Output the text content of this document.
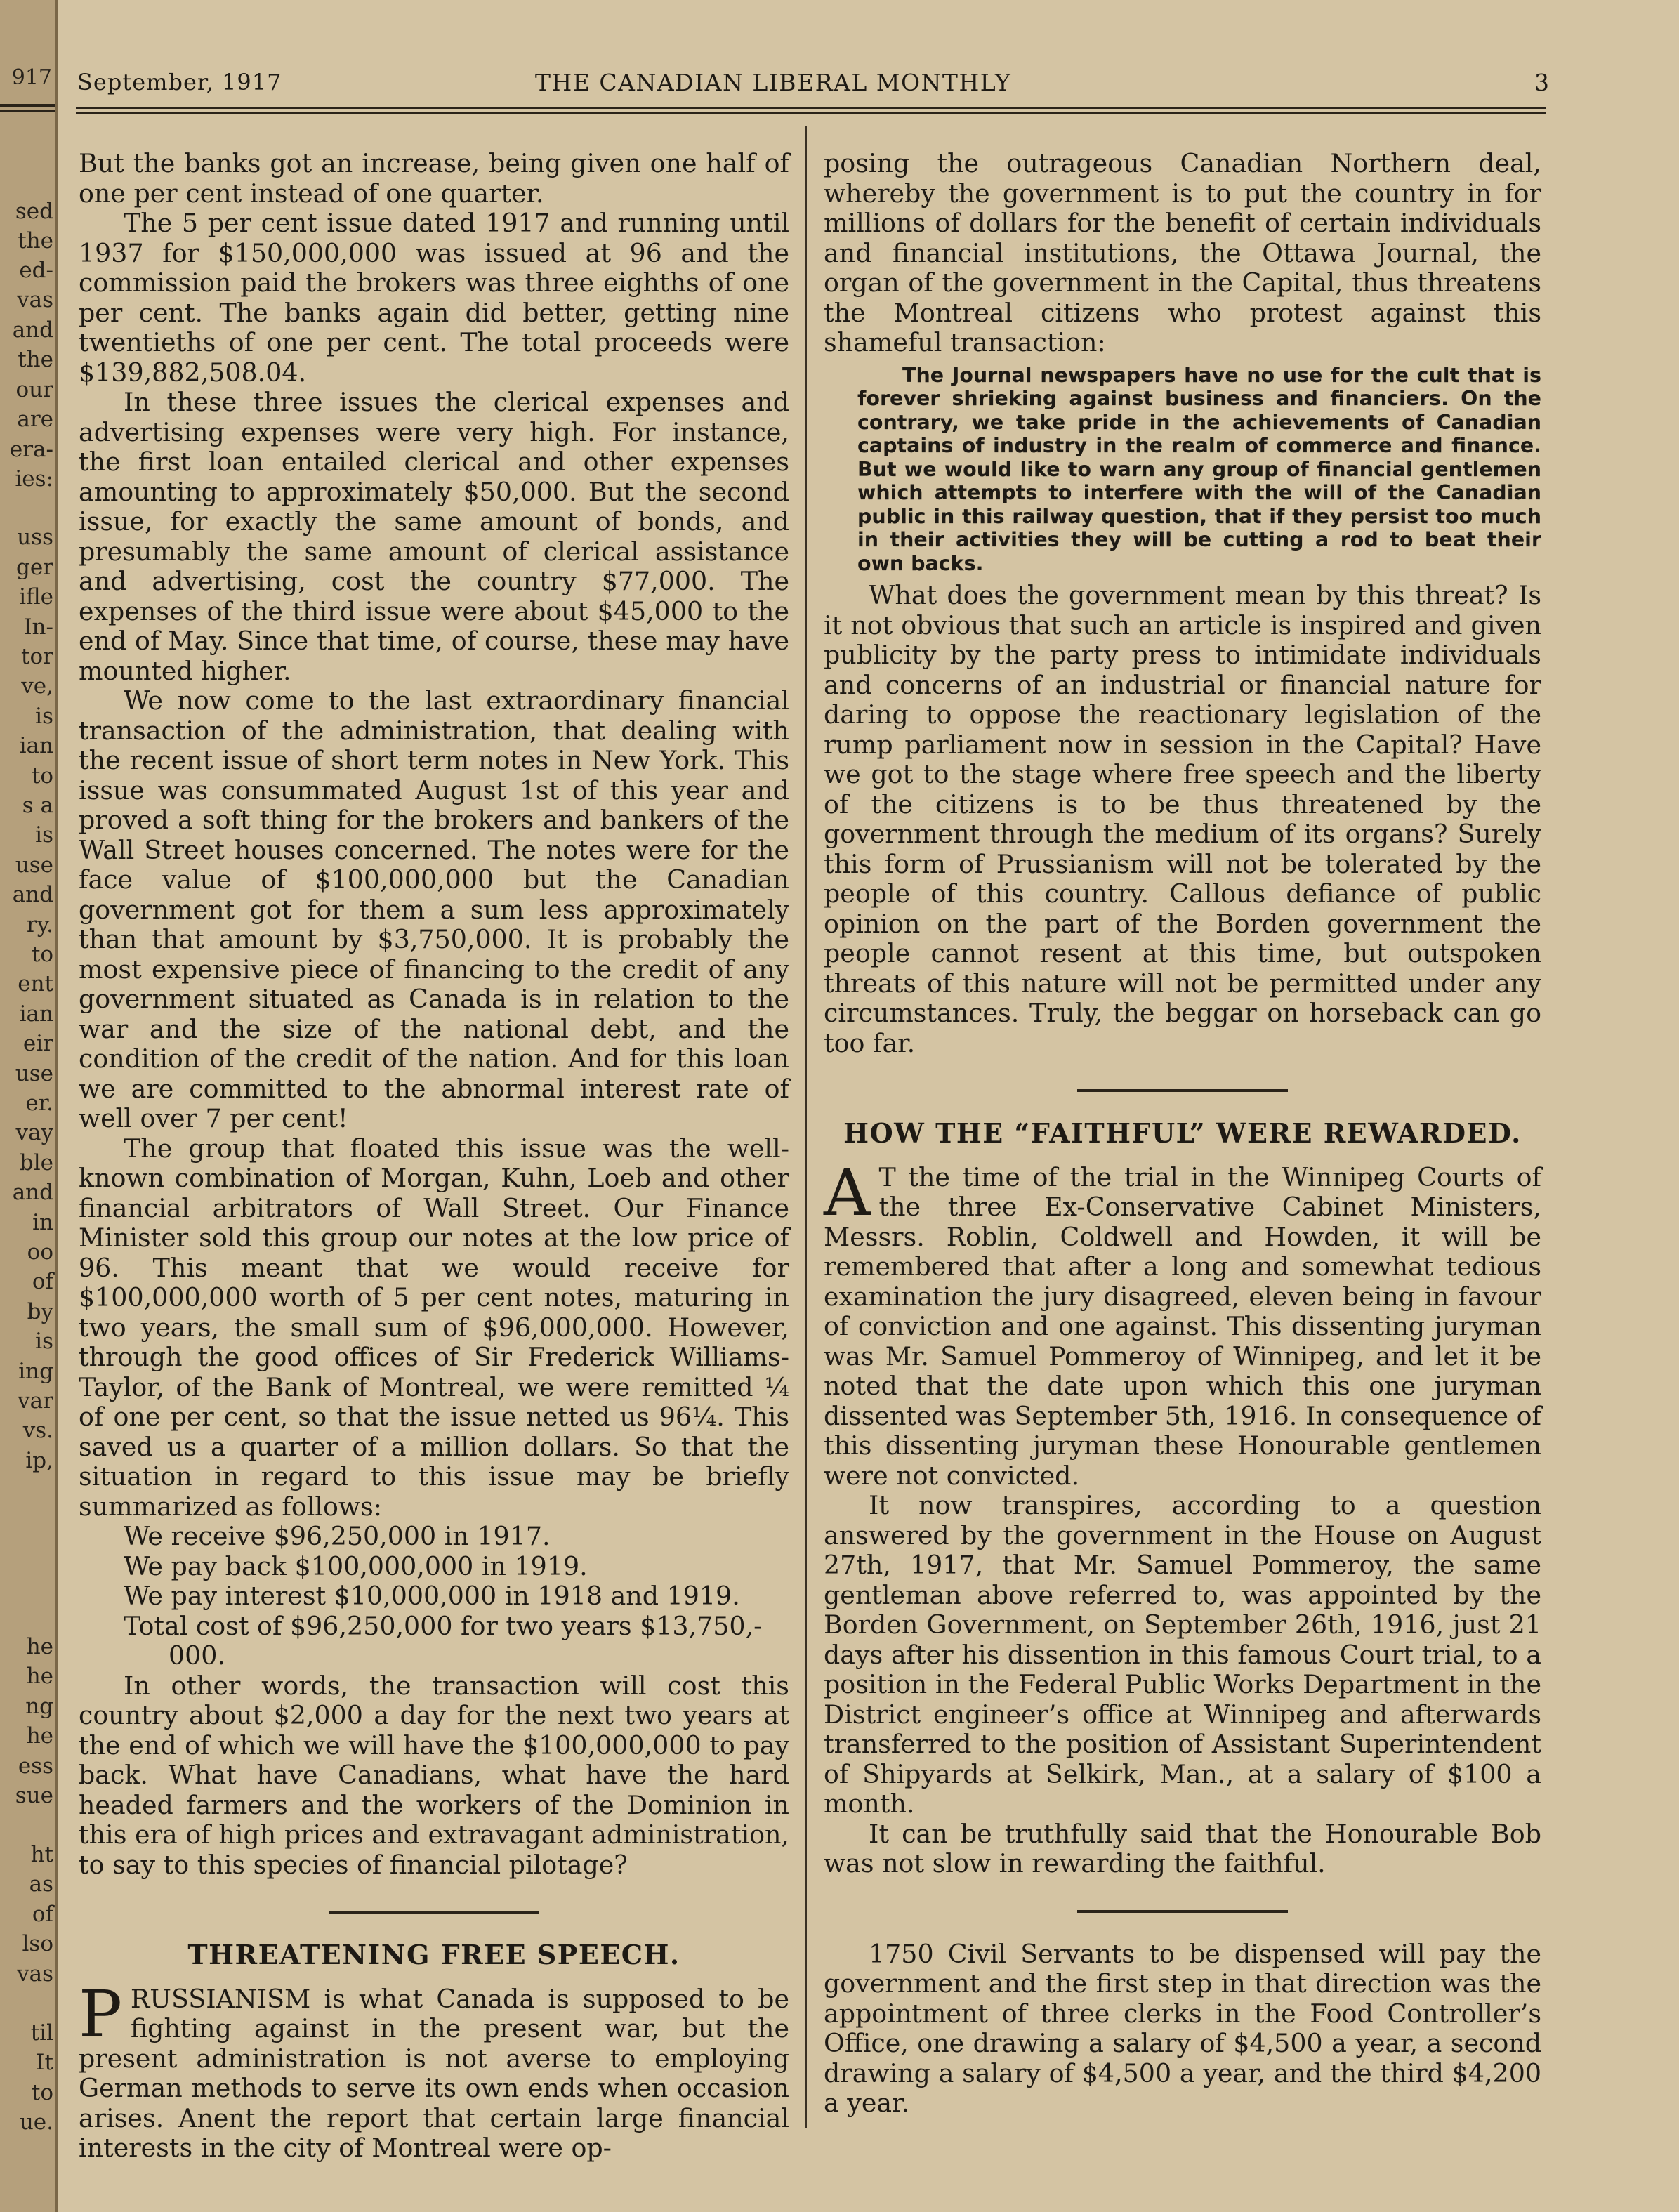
917
sed
the
ed-
vas
and
the
our
are
era-
ies:
uss
ger
ifle
In-
tor
ve,
is
ian
to
s a
is
use
and
ry.
to
ent
ian
eir
use
er.
vay
ble
and
in
oo
of
by
is
ing
var
vs.
ip,
he
he
ng
he
ess
sue
ht
as
of
lso
vas
til
It
to
ue.
September, 1917	THE CANADIAN LIBERAL MONTHLY	3

But the banks got an increase, being given one half of one per cent instead of one quarter.

The 5 per cent issue dated 1917 and running until 1937 for $150,000,000 was issued at 96 and the commission paid the brokers was three eighths of one per cent. The banks again did better, getting nine twentieths of one per cent. The total proceeds were $139,882,508.04.

In these three issues the clerical expenses and advertising expenses were very high. For instance, the first loan entailed clerical and other expenses amounting to approximately $50,000. But the second issue, for exactly the same amount of bonds, and presumably the same amount of clerical assistance and advertising, cost the country $77,000. The expenses of the third issue were about $45,000 to the end of May. Since that time, of course, these may have mounted higher.

We now come to the last extraordinary financial transaction of the administration, that dealing with the recent issue of short term notes in New York. This issue was consummated August 1st of this year and proved a soft thing for the brokers and bankers of the Wall Street houses concerned. The notes were for the face value of $100,000,000 but the Canadian government got for them a sum less approximately than that amount by $3,750,000. It is probably the most expensive piece of financing to the credit of any government situated as Canada is in relation to the war and the size of the national debt, and the condition of the credit of the nation. And for this loan we are committed to the abnormal interest rate of well over 7 per cent!

The group that floated this issue was the well-known combination of Morgan, Kuhn, Loeb and other financial arbitrators of Wall Street. Our Finance Minister sold this group our notes at the low price of 96. This meant that we would receive for $100,000,000 worth of 5 per cent notes, maturing in two years, the small sum of $96,000,000. However, through the good offices of Sir Frederick Williams-Taylor, of the Bank of Montreal, we were remitted ¼ of one per cent, so that the issue netted us 96¼. This saved us a quarter of a million dollars. So that the situation in regard to this issue may be briefly summarized as follows:

We receive $96,250,000 in 1917.
We pay back $100,000,000 in 1919.
We pay interest $10,000,000 in 1918 and 1919.
Total cost of $96,250,000 for two years $13,750,-
000.

In other words, the transaction will cost this country about $2,000 a day for the next two years at the end of which we will have the $100,000,000 to pay back. What have Canadians, what have the hard headed farmers and the workers of the Dominion in this era of high prices and extravagant administration, to say to this species of financial pilotage?

THREATENING FREE SPEECH.

PRUSSIANISM is what Canada is supposed to be fighting against in the present war, but the present administration is not averse to employing German methods to serve its own ends when occasion arises. Anent the report that certain large financial interests in the city of Montreal were op-

posing the outrageous Canadian Northern deal, whereby the government is to put the country in for millions of dollars for the benefit of certain individuals and financial institutions, the Ottawa Journal, the organ of the government in the Capital, thus threatens the Montreal citizens who protest against this shameful transaction:

The Journal newspapers have no use for the cult that is forever shrieking against business and financiers. On the contrary, we take pride in the achievements of Canadian captains of industry in the realm of commerce and finance. But we would like to warn any group of financial gentlemen which attempts to interfere with the will of the Canadian public in this railway question, that if they persist too much in their activities they will be cutting a rod to beat their own backs.

What does the government mean by this threat? Is it not obvious that such an article is inspired and given publicity by the party press to intimidate individuals and concerns of an industrial or financial nature for daring to oppose the reactionary legislation of the rump parliament now in session in the Capital? Have we got to the stage where free speech and the liberty of the citizens is to be thus threatened by the government through the medium of its organs? Surely this form of Prussianism will not be tolerated by the people of this country. Callous defiance of public opinion on the part of the Borden government the people cannot resent at this time, but outspoken threats of this nature will not be permitted under any circumstances. Truly, the beggar on horseback can go too far.

HOW THE “FAITHFUL” WERE REWARDED.

A T the time of the trial in the Winnipeg Courts of the three Ex-Conservative Cabinet Ministers, Messrs. Roblin, Coldwell and Howden, it will be remembered that after a long and somewhat tedious examination the jury disagreed, eleven being in favour of conviction and one against. This dissenting juryman was Mr. Samuel Pommeroy of Winnipeg, and let it be noted that the date upon which this one juryman dissented was September 5th, 1916. In consequence of this dissenting juryman these Honourable gentlemen were not convicted.

It now transpires, according to a question answered by the government in the House on August 27th, 1917, that Mr. Samuel Pommeroy, the same gentleman above referred to, was appointed by the Borden Government, on September 26th, 1916, just 21 days after his dissention in this famous Court trial, to a position in the Federal Public Works Department in the District engineer’s office at Winnipeg and afterwards transferred to the position of Assistant Superintendent of Shipyards at Selkirk, Man., at a salary of $100 a month.

It can be truthfully said that the Honourable Bob was not slow in rewarding the faithful.

1750 Civil Servants to be dispensed will pay the government and the first step in that direction was the appointment of three clerks in the Food Controller’s Office, one drawing a salary of $4,500 a year, a second drawing a salary of $4,500 a year, and the third $4,200 a year.
